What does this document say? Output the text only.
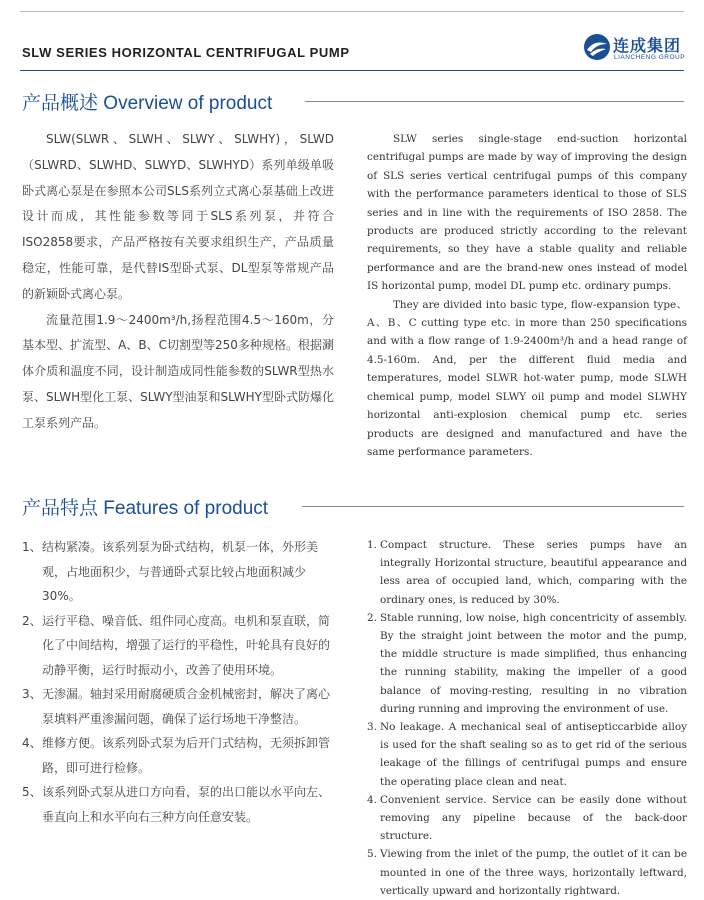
SLW SERIES HORIZONTAL CENTRIFUGAL PUMP	连成集团
LIANCHENG GROUP
产品概述 Overview of product

SLW(SLWR、SLWH、SLWY、SLWHY)，SLWD（SLWRD、SLWHD、SLWYD、SLWHYD）系列单级单吸卧式离心泵是在参照本公司SLS系列立式离心泵基础上改进设计而成，其性能参数等同于SLS系列泵，并符合ISO2858要求，产品严格按有关要求组织生产，产品质量稳定，性能可靠，是代替IS型卧式泵、DL型泵等常规产品的新颖卧式离心泵。

流量范围1.9～2400m³/h,扬程范围4.5～160m，分基本型、扩流型、A、B、C切割型等250多种规格。根据涮体介质和温度不同，设计制造成同性能参数的SLWR型热水泵、SLWH型化工泵、SLWY型油泵和SLWHY型卧式防爆化工泵系列产品。

SLW series single-stage end-suction horizontal centrifugal pumps are made by way of improving the design of SLS series vertical centrifugal pumps of this company with the performance parameters identical to those of SLS series and in line with the requirements of ISO 2858. The products are produced strictly according to the relevant requirements, so they have a stable quality and reliable performance and are the brand-new ones instead of model IS horizontal pump, model DL pump etc. ordinary pumps.

They are divided into basic type, flow-expansion type、A、B、C cutting type etc. in more than 250 specifications and with a flow range of 1.9-2400m³/h and a head range of 4.5-160m. And, per the different fluid media and temperatures, model SLWR hot-water pump, mode SLWH chemical pump, model SLWY oil pump and model SLWHY horizontal anti-explosion chemical pump etc. series products are designed and manufactured and have the same performance parameters.

产品特点 Features of product
1、 结构紧凑。该系列泵为卧式结构，机泵一体，外形美观，占地面积少，与普通卧式泵比较占地面积减少30%。
2、 运行平稳、噪音低、组件同心度高。电机和泵直联，简化了中间结构，增强了运行的平稳性，叶轮具有良好的动静平衡，运行时振动小，改善了使用环境。
3、 无渗漏。轴封采用耐腐硬质合金机械密封，解决了离心泵填料严重渗漏问题，确保了运行场地干净整洁。
4、 维修方便。该系列卧式泵为后开门式结构，无须拆卸管路，即可进行检修。
5、 该系列卧式泵从进口方向看，泵的出口能以水平向左、垂直向上和水平向右三种方向任意安装。
1. Compact structure. These series pumps have an integrally Horizontal structure, beautiful appearance and less area of occupied land, which, comparing with the ordinary ones, is reduced by 30%.
2. Stable running, low noise, high concentricity of assembly. By the straight joint between the motor and the pump, the middle structure is made simplified, thus enhancing the running stability, making the impeller of a good balance of moving-resting, resulting in no vibration during running and improving the environment of use.
3. No leakage. A mechanical seal of antisepticcarbide alloy is used for the shaft sealing so as to get rid of the serious leakage of the fillings of centrifugal pumps and ensure the operating place clean and neat.
4. Convenient service. Service can be easily done without removing any pipeline because of the back-door structure.
5. Viewing from the inlet of the pump, the outlet of it can be mounted in one of the three ways, horizontally leftward, vertically upward and horizontally rightward.
